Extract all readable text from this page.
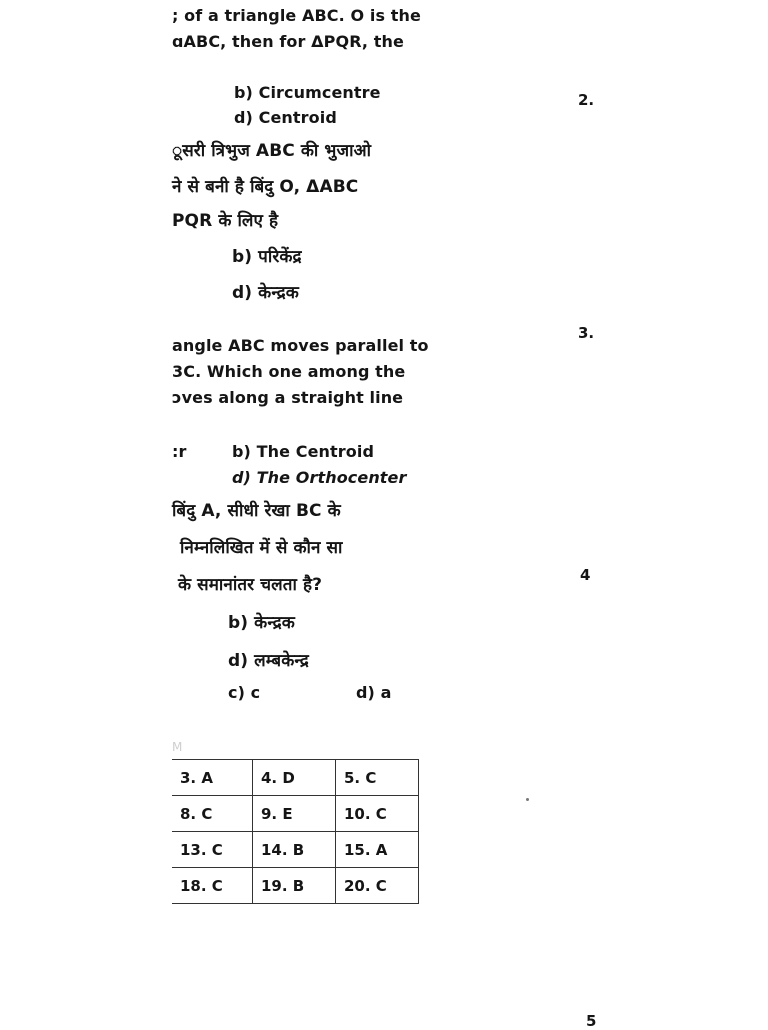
; of a triangle ABC. O is the
ɑABC, then for ΔPQR, the
b) Circumcentre
d) Centroid
ूसरी त्रिभुज ABC की भुजाओ
ने से बनी है बिंदु O, ΔABC
PQR के लिए है
b) परिकेंद्र
d) केन्द्रक
angle ABC moves parallel to
3C. Which one among the
ɔves along a straight line
:r	b) The Centroid
d) The Orthocenter
बिंदु A, सीधी रेखा BC के
निम्नलिखित में से कौन सा
के समानांतर चलता है?
b) केन्द्रक
d) लम्बकेन्द्र
c) c	d) a
2.
3.
4
5
M
3. A	4. D	5. C
8. C	9. E	10. C
13. C	14. B	15. A
18. C	19. B	20. C
